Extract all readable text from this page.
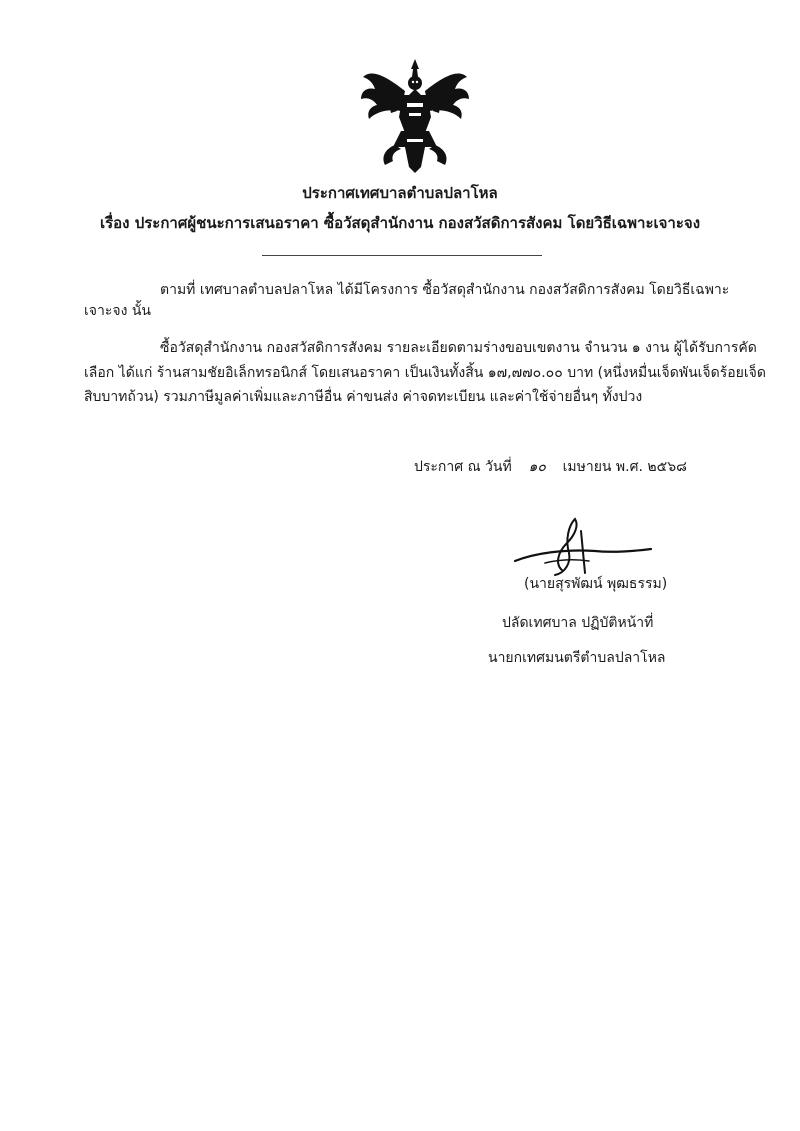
ประกาศเทศบาลตำบลปลาโหล
เรื่อง ประกาศผู้ชนะการเสนอราคา ซื้อวัสดุสำนักงาน กองสวัสดิการสังคม โดยวิธีเฉพาะเจาะจง
ตามที่ เทศบาลตำบลปลาโหล ได้มีโครงการ ซื้อวัสดุสำนักงาน กองสวัสดิการสังคม โดยวิธีเฉพาะ
เจาะจง นั้น
ซื้อวัสดุสำนักงาน กองสวัสดิการสังคม รายละเอียดตามร่างขอบเขตงาน จำนวน ๑ งาน ผู้ได้รับการคัด
เลือก ได้แก่ ร้านสามชัยอิเล็กทรอนิกส์ โดยเสนอราคา เป็นเงินทั้งสิ้น ๑๗,๗๗๐.๐๐ บาท (หนึ่งหมื่นเจ็ดพันเจ็ดร้อยเจ็ด
สิบบาทถ้วน) รวมภาษีมูลค่าเพิ่มและภาษีอื่น ค่าขนส่ง ค่าจดทะเบียน และค่าใช้จ่ายอื่นๆ ทั้งปวง
ประกาศ ณ วันที่ ๑๐ เมษายน พ.ศ. ๒๕๖๘
(นายสุรพัฒน์ พุฒธรรม)
ปลัดเทศบาล ปฏิบัติหน้าที่
นายกเทศมนตรีตำบลปลาโหล
